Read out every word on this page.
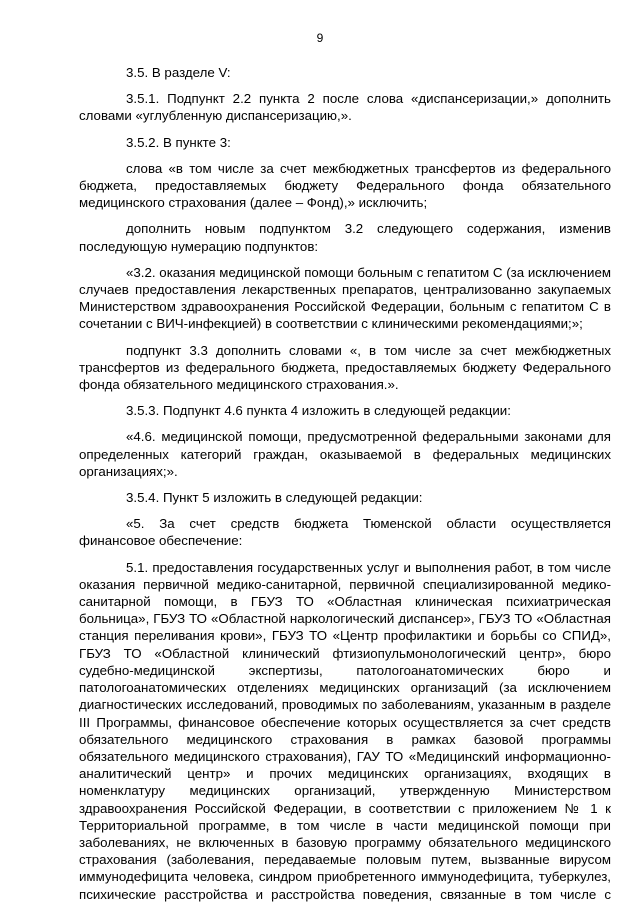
9

3.5. В разделе V:

3.5.1. Подпункт 2.2 пункта 2 после слова «диспансеризации,» дополнить словами «углубленную диспансеризацию,».

3.5.2. В пункте 3:

слова «в том числе за счет межбюджетных трансфертов из федерального бюджета, предоставляемых бюджету Федерального фонда обязательного медицинского страхования (далее – Фонд),» исключить;

дополнить новым подпунктом 3.2 следующего содержания, изменив последующую нумерацию подпунктов:

«3.2. оказания медицинской помощи больным с гепатитом С (за исключением случаев предоставления лекарственных препаратов, централизованно закупаемых Министерством здравоохранения Российской Федерации, больным с гепатитом С в сочетании с ВИЧ-инфекцией) в соответствии с клиническими рекомендациями;»;

подпункт 3.3 дополнить словами «, в том числе за счет межбюджетных трансфертов из федерального бюджета, предоставляемых бюджету Федерального фонда обязательного медицинского страхования.».

3.5.3. Подпункт 4.6 пункта 4 изложить в следующей редакции:

«4.6. медицинской помощи, предусмотренной федеральными законами для определенных категорий граждан, оказываемой в федеральных медицинских организациях;».

3.5.4. Пункт 5 изложить в следующей редакции:

«5. За счет средств бюджета Тюменской области осуществляется финансовое обеспечение:

5.1. предоставления государственных услуг и выполнения работ, в том числе оказания первичной медико-санитарной, первичной специализированной медико-санитарной помощи, в ГБУЗ ТО «Областная клиническая психиатрическая больница», ГБУЗ ТО «Областной наркологический диспансер», ГБУЗ ТО «Областная станция переливания крови», ГБУЗ ТО «Центр профилактики и борьбы со СПИД», ГБУЗ ТО «Областной клинический фтизиопульмонологический центр», бюро судебно-медицинской экспертизы, патологоанатомических бюро и патологоанатомических отделениях медицинских организаций (за исключением диагностических исследований, проводимых по заболеваниям, указанным в разделе III Программы, финансовое обеспечение которых осуществляется за счет средств обязательного медицинского страхования в рамках базовой программы обязательного медицинского страхования), ГАУ ТО «Медицинский информационно-аналитический центр» и прочих медицинских организациях, входящих в номенклатуру медицинских организаций, утвержденную Министерством здравоохранения Российской Федерации, в соответствии с приложением № 1 к Территориальной программе, в том числе в части медицинской помощи при заболеваниях, не включенных в базовую программу обязательного медицинского страхования (заболевания, передаваемые половым путем, вызванные вирусом иммунодефицита человека, синдром приобретенного иммунодефицита, туберкулез, психические расстройства и расстройства поведения, связанные в том числе с
